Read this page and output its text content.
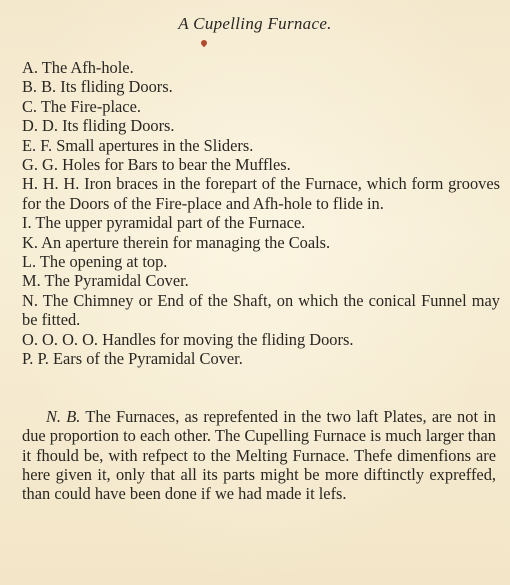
A Cupelling Furnace.
A. The Afh-hole.
B. B. Its fliding Doors.
C. The Fire-place.
D. D. Its fliding Doors.
E. F. Small apertures in the Sliders.
G. G. Holes for Bars to bear the Muffles.
H. H. H. Iron braces in the forepart of the Furnace, which form grooves for the Doors of the Fire-place and Afh-hole to flide in.
I. The upper pyramidal part of the Furnace.
K. An aperture therein for managing the Coals.
L. The opening at top.
M. The Pyramidal Cover.
N. The Chimney or End of the Shaft, on which the conical Funnel may be fitted.
O. O. O. O. Handles for moving the fliding Doors.
P. P. Ears of the Pyramidal Cover.

N. B. The Furnaces, as reprefented in the two laft Plates, are not in due proportion to each other. The Cupelling Furnace is much larger than it fhould be, with refpect to the Melting Furnace. Thefe dimenfions are here given it, only that all its parts might be more diftinctly expreffed, than could have been done if we had made it lefs.
